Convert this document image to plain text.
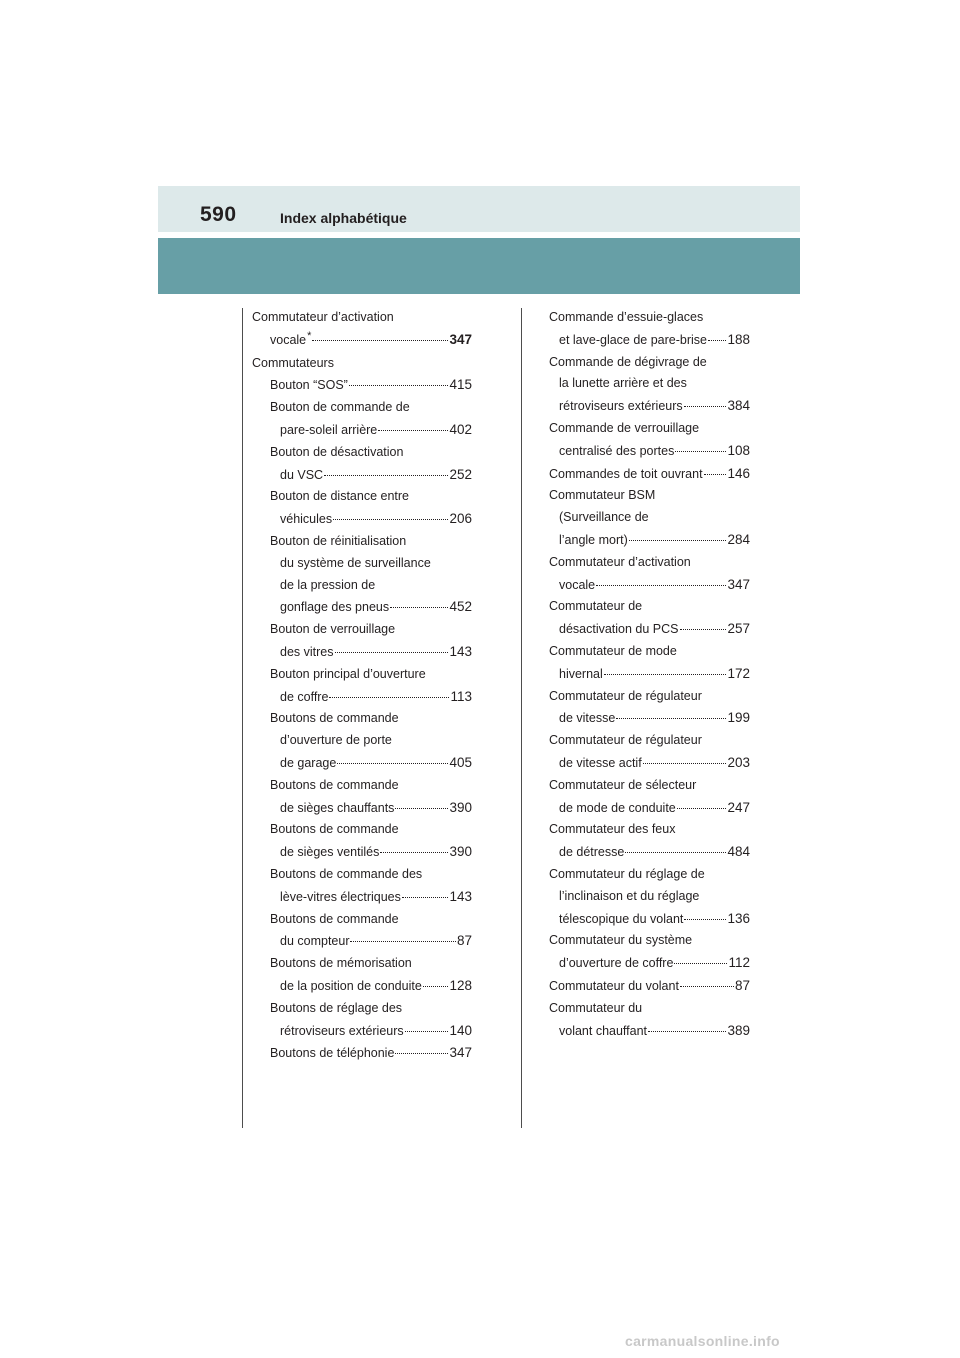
590	Index alphabétique
Commutateur d’activation
vocale *	347
Commutateurs
Bouton “SOS”	415
Bouton de commande de
pare-soleil arrière	402
Bouton de désactivation
du VSC	252
Bouton de distance entre
véhicules	206
Bouton de réinitialisation
du système de surveillance
de la pression de
gonflage des pneus	452
Bouton de verrouillage
des vitres	143
Bouton principal d’ouverture
de coffre	113
Boutons de commande
d’ouverture de porte
de garage	405
Boutons de commande
de sièges chauffants	390
Boutons de commande
de sièges ventilés	390
Boutons de commande des
lève-vitres électriques	143
Boutons de commande
du compteur	87
Boutons de mémorisation
de la position de conduite 128
Boutons de réglage des
rétroviseurs extérieurs	140
Boutons de téléphonie	347
Commande d’essuie-glaces
et lave-glace de pare-brise 188
Commande de dégivrage de
la lunette arrière et des
rétroviseurs extérieurs	384
Commande de verrouillage
centralisé des portes	108
Commandes de toit ouvrant 146
Commutateur BSM
(Surveillance de
l’angle mort)	284
Commutateur d’activation
vocale	347
Commutateur de
désactivation du PCS	257
Commutateur de mode
hivernal	172
Commutateur de régulateur
de vitesse	199
Commutateur de régulateur
de vitesse actif	203
Commutateur de sélecteur
de mode de conduite	247
Commutateur des feux
de détresse	484
Commutateur du réglage de
l’inclinaison et du réglage
télescopique du volant	136
Commutateur du système
d’ouverture de coffre	112
Commutateur du volant	87
Commutateur du
volant chauffant	389
carmanualsonline.info
